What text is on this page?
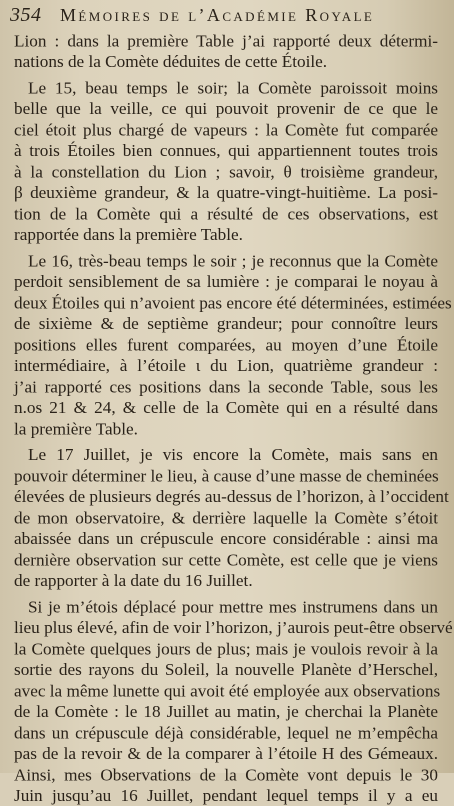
354 Mémoires de l’Académie Royale
Lion : dans la première Table j’ai rapporté deux détermi-
nations de la Comète déduites de cette Étoile.
Le 15, beau temps le soir; la Comète paroissoit moins
belle que la veille, ce qui pouvoit provenir de ce que le
ciel étoit plus chargé de vapeurs : la Comète fut comparée
à trois Étoiles bien connues, qui appartiennent toutes trois
à la constellation du Lion ; savoir, θ troisième grandeur,
β deuxième grandeur, & la quatre-vingt-huitième. La posi-
tion de la Comète qui a résulté de ces observations, est
rapportée dans la première Table.
Le 16, très-beau temps le soir ; je reconnus que la Comète
perdoit sensiblement de sa lumière : je comparai le noyau à
deux Étoiles qui n’avoient pas encore été déterminées, estimées
de sixième & de septième grandeur; pour connoître leurs
positions elles furent comparées, au moyen d’une Étoile
intermédiaire, à l’étoile ι du Lion, quatrième grandeur :
j’ai rapporté ces positions dans la seconde Table, sous les
n.os 21 & 24, & celle de la Comète qui en a résulté dans
la première Table.
Le 17 Juillet, je vis encore la Comète, mais sans en
pouvoir déterminer le lieu, à cause d’une masse de cheminées
élevées de plusieurs degrés au-dessus de l’horizon, à l’occident
de mon observatoire, & derrière laquelle la Comète s’étoit
abaissée dans un crépuscule encore considérable : ainsi ma
dernière observation sur cette Comète, est celle que je viens
de rapporter à la date du 16 Juillet.
Si je m’étois déplacé pour mettre mes instrumens dans un
lieu plus élevé, afin de voir l’horizon, j’aurois peut-être observé
la Comète quelques jours de plus; mais je voulois revoir à la
sortie des rayons du Soleil, la nouvelle Planète d’Herschel,
avec la même lunette qui avoit été employée aux observations
de la Comète : le 18 Juillet au matin, je cherchai la Planète
dans un crépuscule déjà considérable, lequel ne m’empêcha
pas de la revoir & de la comparer à l’étoile H des Gémeaux.
Ainsi, mes Observations de la Comète vont depuis le 30
Juin jusqu’au 16 Juillet, pendant lequel temps il y a eu
